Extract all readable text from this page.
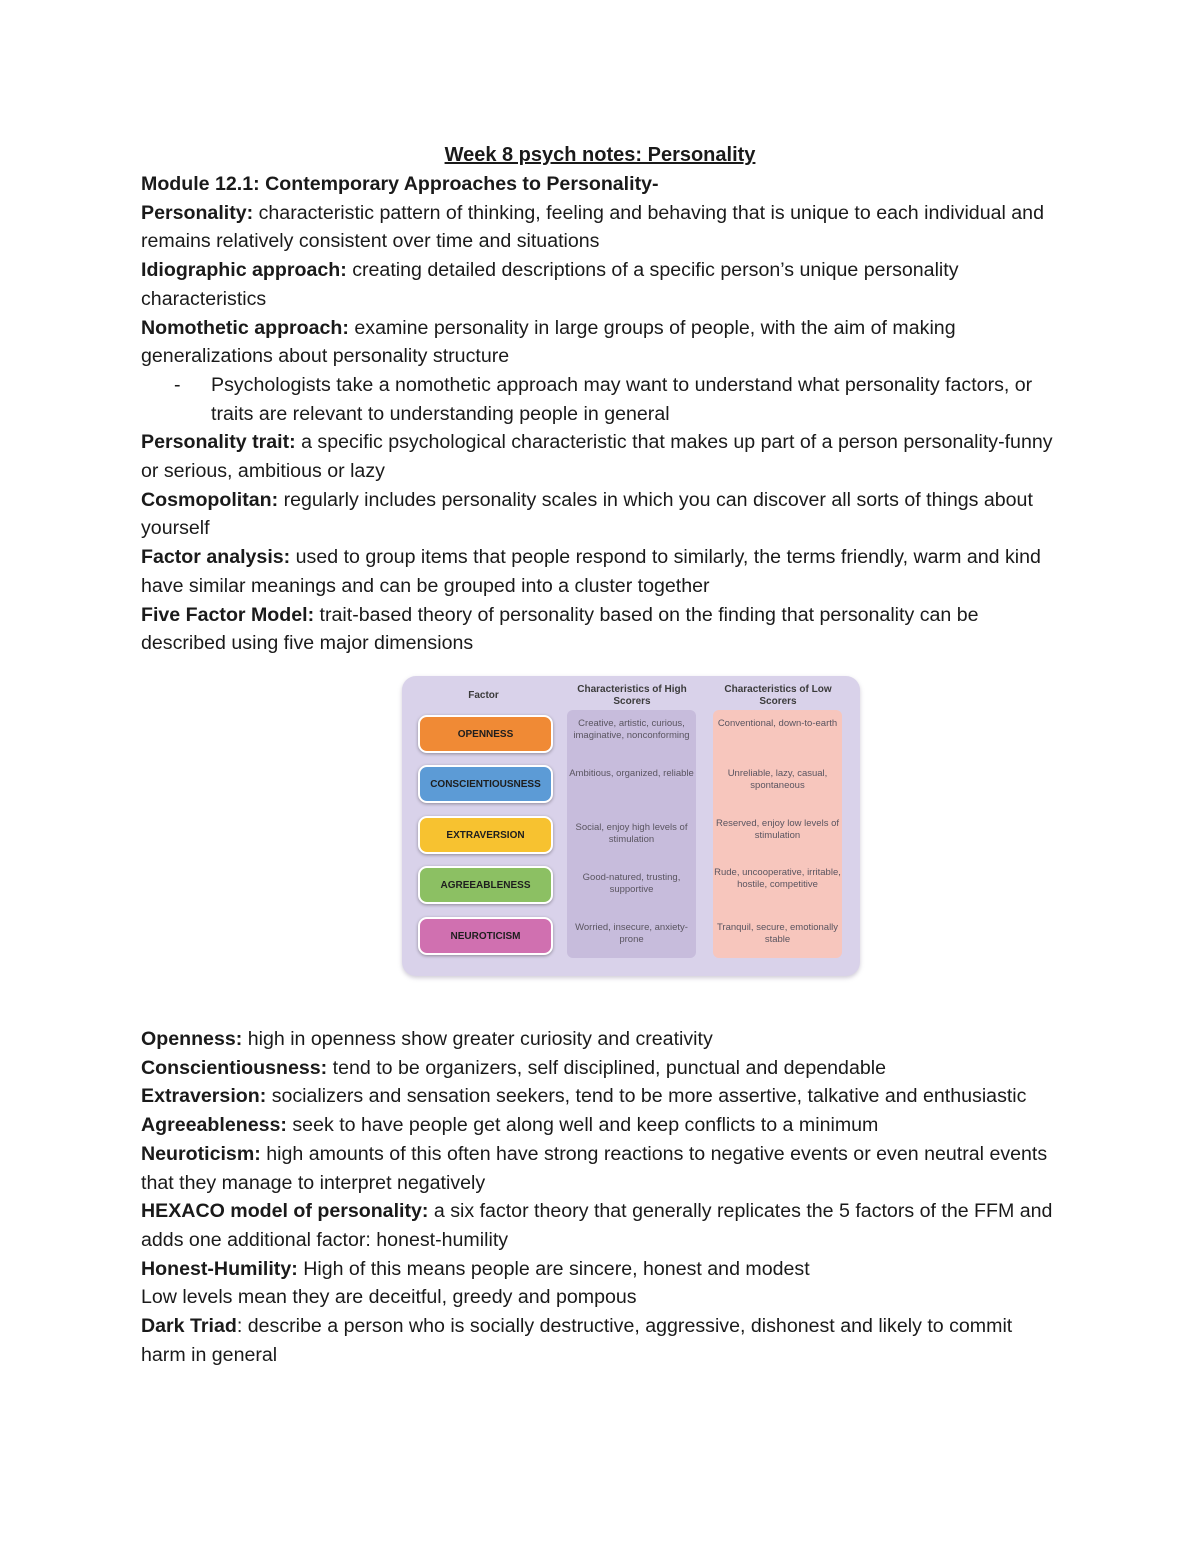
Week 8 psych notes: Personality

Module 12.1: Contemporary Approaches to Personality-

Personality: characteristic pattern of thinking, feeling and behaving that is unique to each individual and remains relatively consistent over time and situations

Idiographic approach: creating detailed descriptions of a specific person’s unique personality characteristics

Nomothetic approach: examine personality in large groups of people, with the aim of making generalizations about personality structure

- Psychologists take a nomothetic approach may want to understand what personality factors, or traits are relevant to understanding people in general

Personality trait: a specific psychological characteristic that makes up part of a person personality-funny or serious, ambitious or lazy

Cosmopolitan: regularly includes personality scales in which you can discover all sorts of things about yourself

Factor analysis: used to group items that people respond to similarly, the terms friendly, warm and kind have similar meanings and can be grouped into a cluster together

Five Factor Model: trait-based theory of personality based on the finding that personality can be described using five major dimensions

Factor
Characteristics of High Scorers
Characteristics of Low Scorers
OPENNESS
Creative, artistic, curious, imaginative, nonconforming
Conventional, down-to-earth
CONSCIENTIOUSNESS
Ambitious, organized, reliable	Unreliable, lazy, casual, spontaneous
EXTRAVERSION
Social, enjoy high levels of stimulation
Reserved, enjoy low levels of stimulation
AGREEABLENESS
Good-natured, trusting, supportive
Rude, uncooperative, irritable, hostile, competitive
NEUROTICISM
Worried, insecure, anxiety-prone
Tranquil, secure, emotionally stable

Openness: high in openness show greater curiosity and creativity

Conscientiousness: tend to be organizers, self disciplined, punctual and dependable

Extraversion: socializers and sensation seekers, tend to be more assertive, talkative and enthusiastic

Agreeableness: seek to have people get along well and keep conflicts to a minimum

Neuroticism: high amounts of this often have strong reactions to negative events or even neutral events that they manage to interpret negatively

HEXACO model of personality: a six factor theory that generally replicates the 5 factors of the FFM and adds one additional factor: honest-humility

Honest-Humility: High of this means people are sincere, honest and modest

Low levels mean they are deceitful, greedy and pompous

Dark Triad: describe a person who is socially destructive, aggressive, dishonest and likely to commit harm in general
